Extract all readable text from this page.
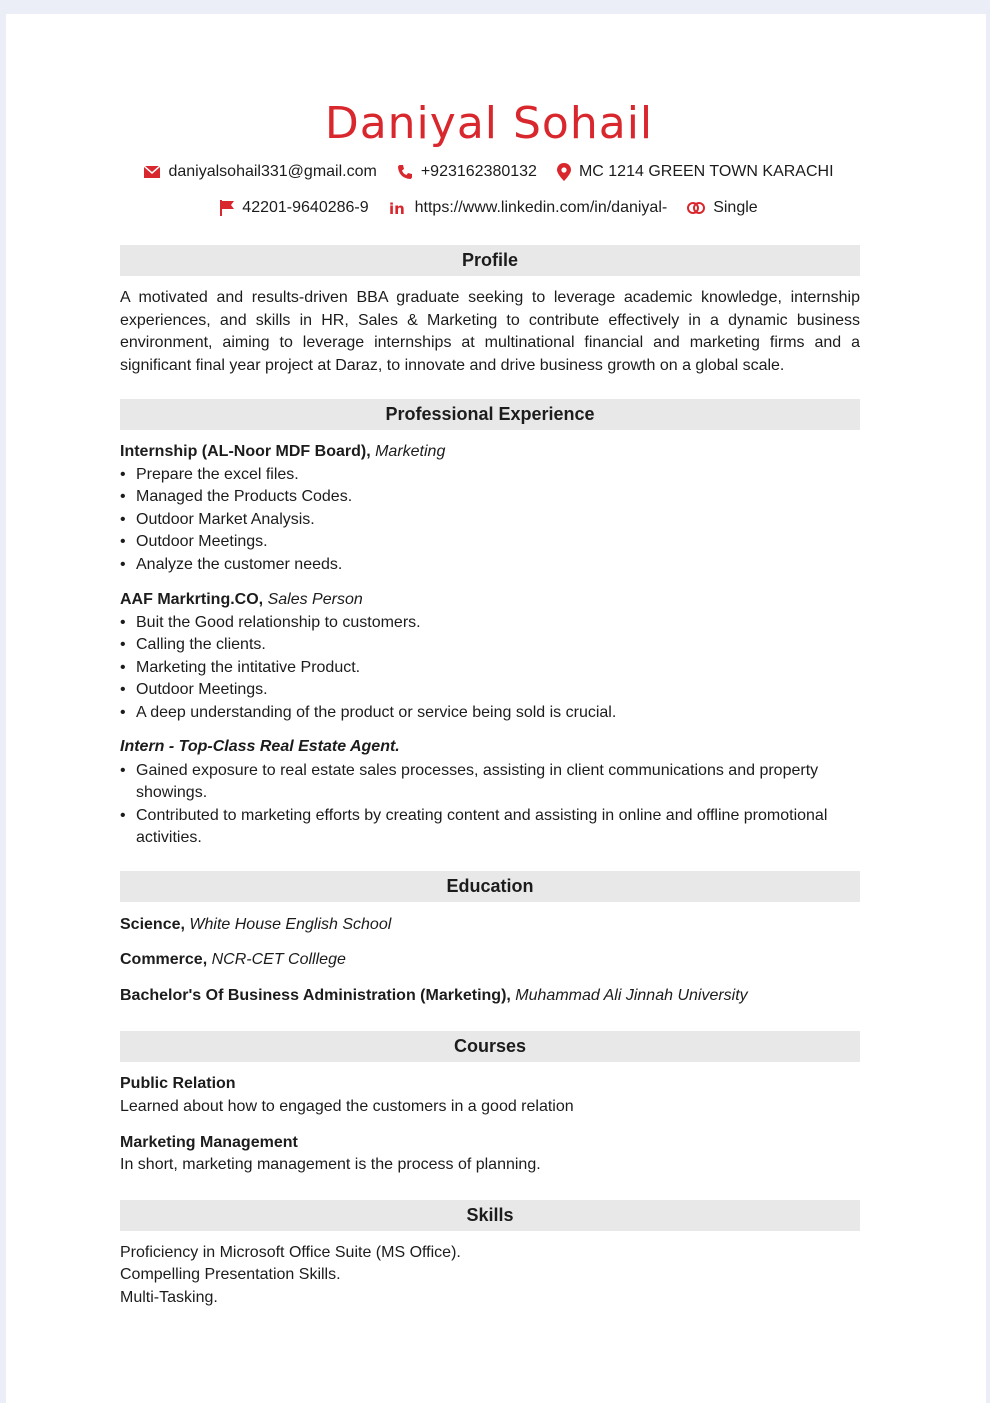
Daniyal Sohail
daniyalsohail331@gmail.com	+923162380132	MC 1214 GREEN TOWN KARACHI
42201-9640286-9 in https://www.linkedin.com/in/daniyal-	Single
Profile
A motivated and results-driven BBA graduate seeking to leverage academic knowledge, internship experiences, and skills in HR, Sales & Marketing to contribute effectively in a dynamic business environment, aiming to leverage internships at multinational financial and marketing firms and a significant final year project at Daraz, to innovate and drive business growth on a global scale.
Professional Experience
Internship (AL-Noor MDF Board), Marketing
• Prepare the excel files.
• Managed the Products Codes.
• Outdoor Market Analysis.
• Outdoor Meetings.
• Analyze the customer needs.
AAF Markrting.CO, Sales Person
• Buit the Good relationship to customers.
• Calling the clients.
• Marketing the intitative Product.
• Outdoor Meetings.
• A deep understanding of the product or service being sold is crucial.
Intern - Top-Class Real Estate Agent.
• Gained exposure to real estate sales processes, assisting in client communications and property showings.
• Contributed to marketing efforts by creating content and assisting in online and offline promotional activities.
Education
Science, White House English School
Commerce, NCR-CET Colllege
Bachelor's Of Business Administration (Marketing), Muhammad Ali Jinnah University
Courses
Public Relation
Learned about how to engaged the customers in a good relation
Marketing Management
In short, marketing management is the process of planning.
Skills
Proficiency in Microsoft Office Suite (MS Office).
Compelling Presentation Skills.
Multi-Tasking.
